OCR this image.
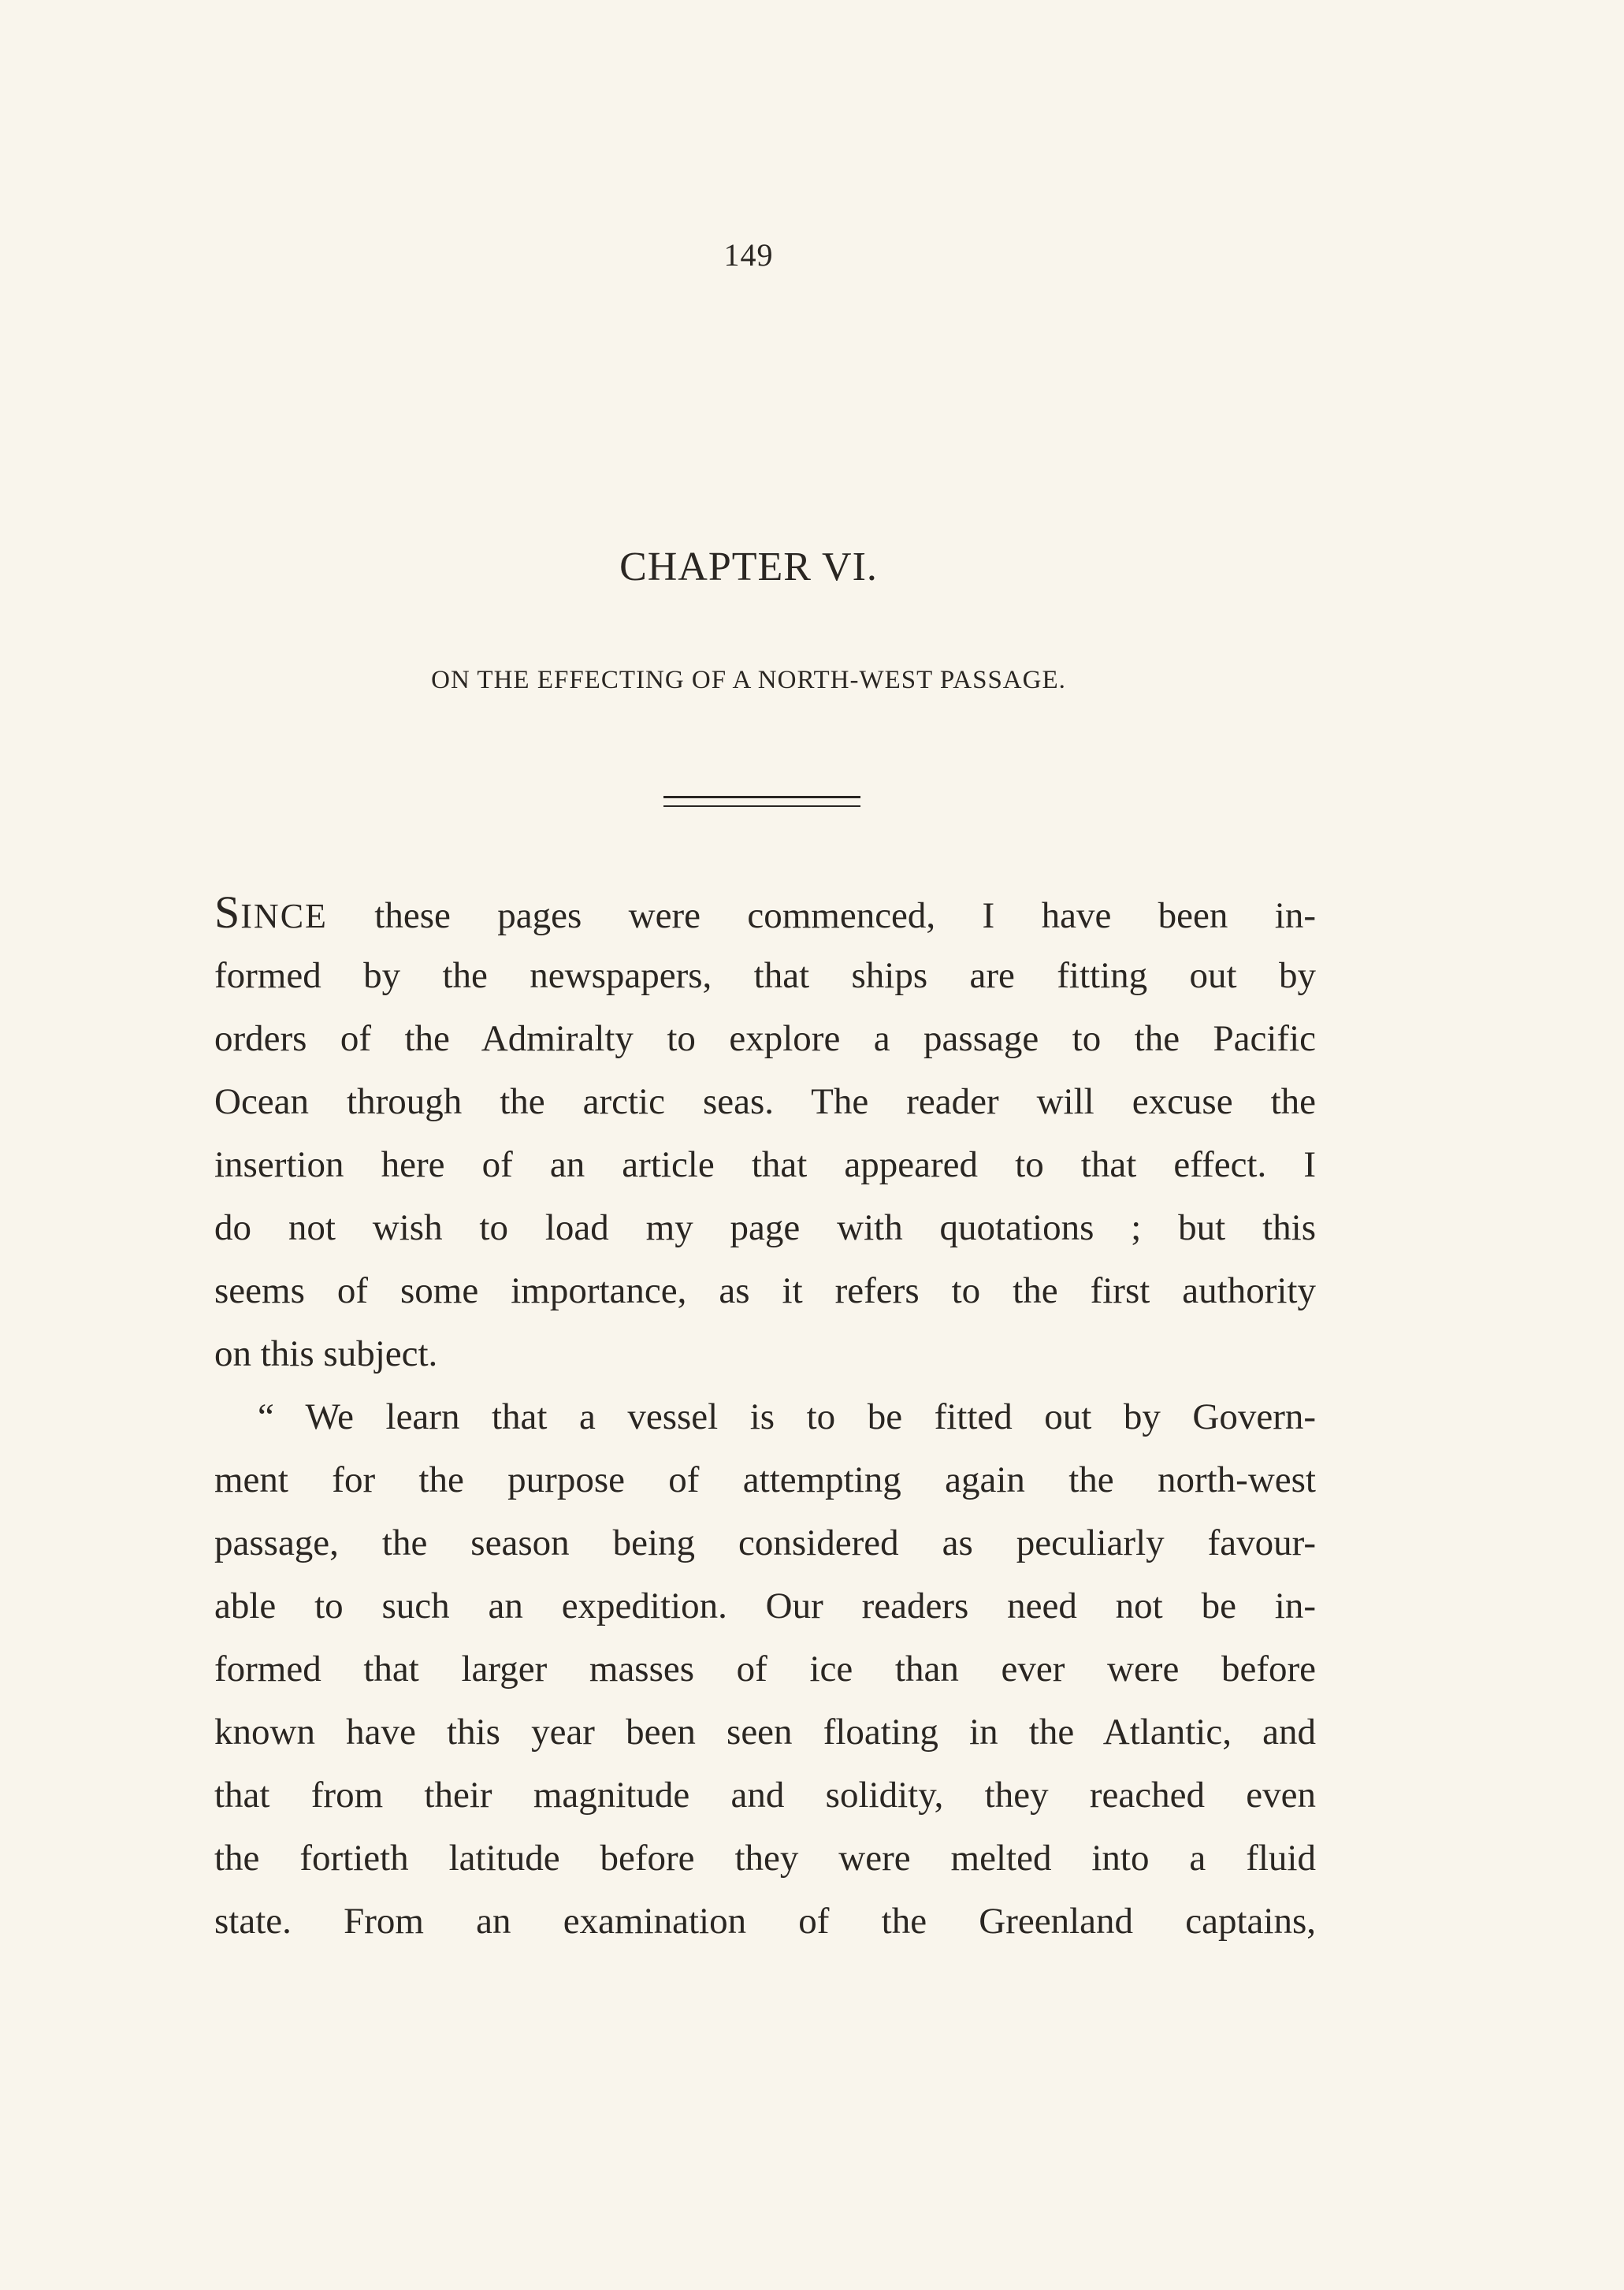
149
CHAPTER VI.
ON THE EFFECTING OF A NORTH-WEST PASSAGE.
SINCE these pages were commenced, I have been in-
formed by the newspapers, that ships are fitting out by
orders of the Admiralty to explore a passage to the Pacific
Ocean through the arctic seas. The reader will excuse the
insertion here of an article that appeared to that effect. I
do not wish to load my page with quotations ; but this
seems of some importance, as it refers to the first authority
on this subject.
“ We learn that a vessel is to be fitted out by Govern-
ment for the purpose of attempting again the north-west
passage, the season being considered as peculiarly favour-
able to such an expedition. Our readers need not be in-
formed that larger masses of ice than ever were before
known have this year been seen floating in the Atlantic, and
that from their magnitude and solidity, they reached even
the fortieth latitude before they were melted into a fluid
state. From an examination of the Greenland captains,
